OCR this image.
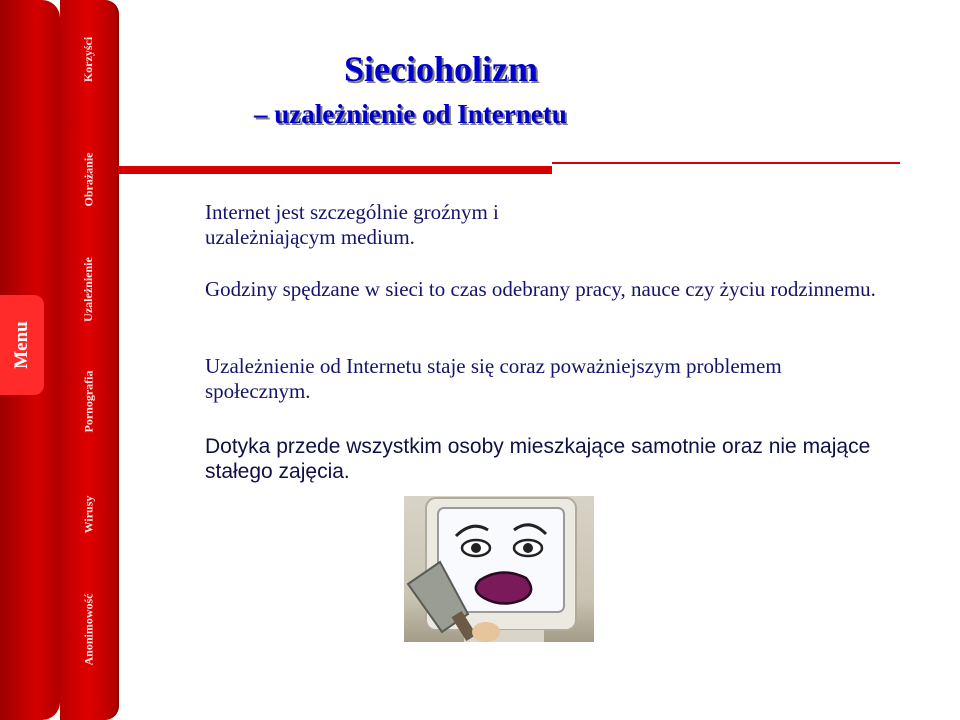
Menu
Korzyści
Obrażanie
Uzależnienie
Pornografia
Wirusy
Anonimowość
Siecioholizm
– uzależnienie od Internetu
Internet jest szczególnie groźnym i uzależniającym medium.
Godziny spędzane w sieci to czas odebrany pracy, nauce czy życiu rodzinnemu.
Uzależnienie od Internetu staje się coraz poważniejszym problemem społecznym.
Dotyka przede wszystkim osoby mieszkające samotnie oraz nie mające stałego zajęcia.
